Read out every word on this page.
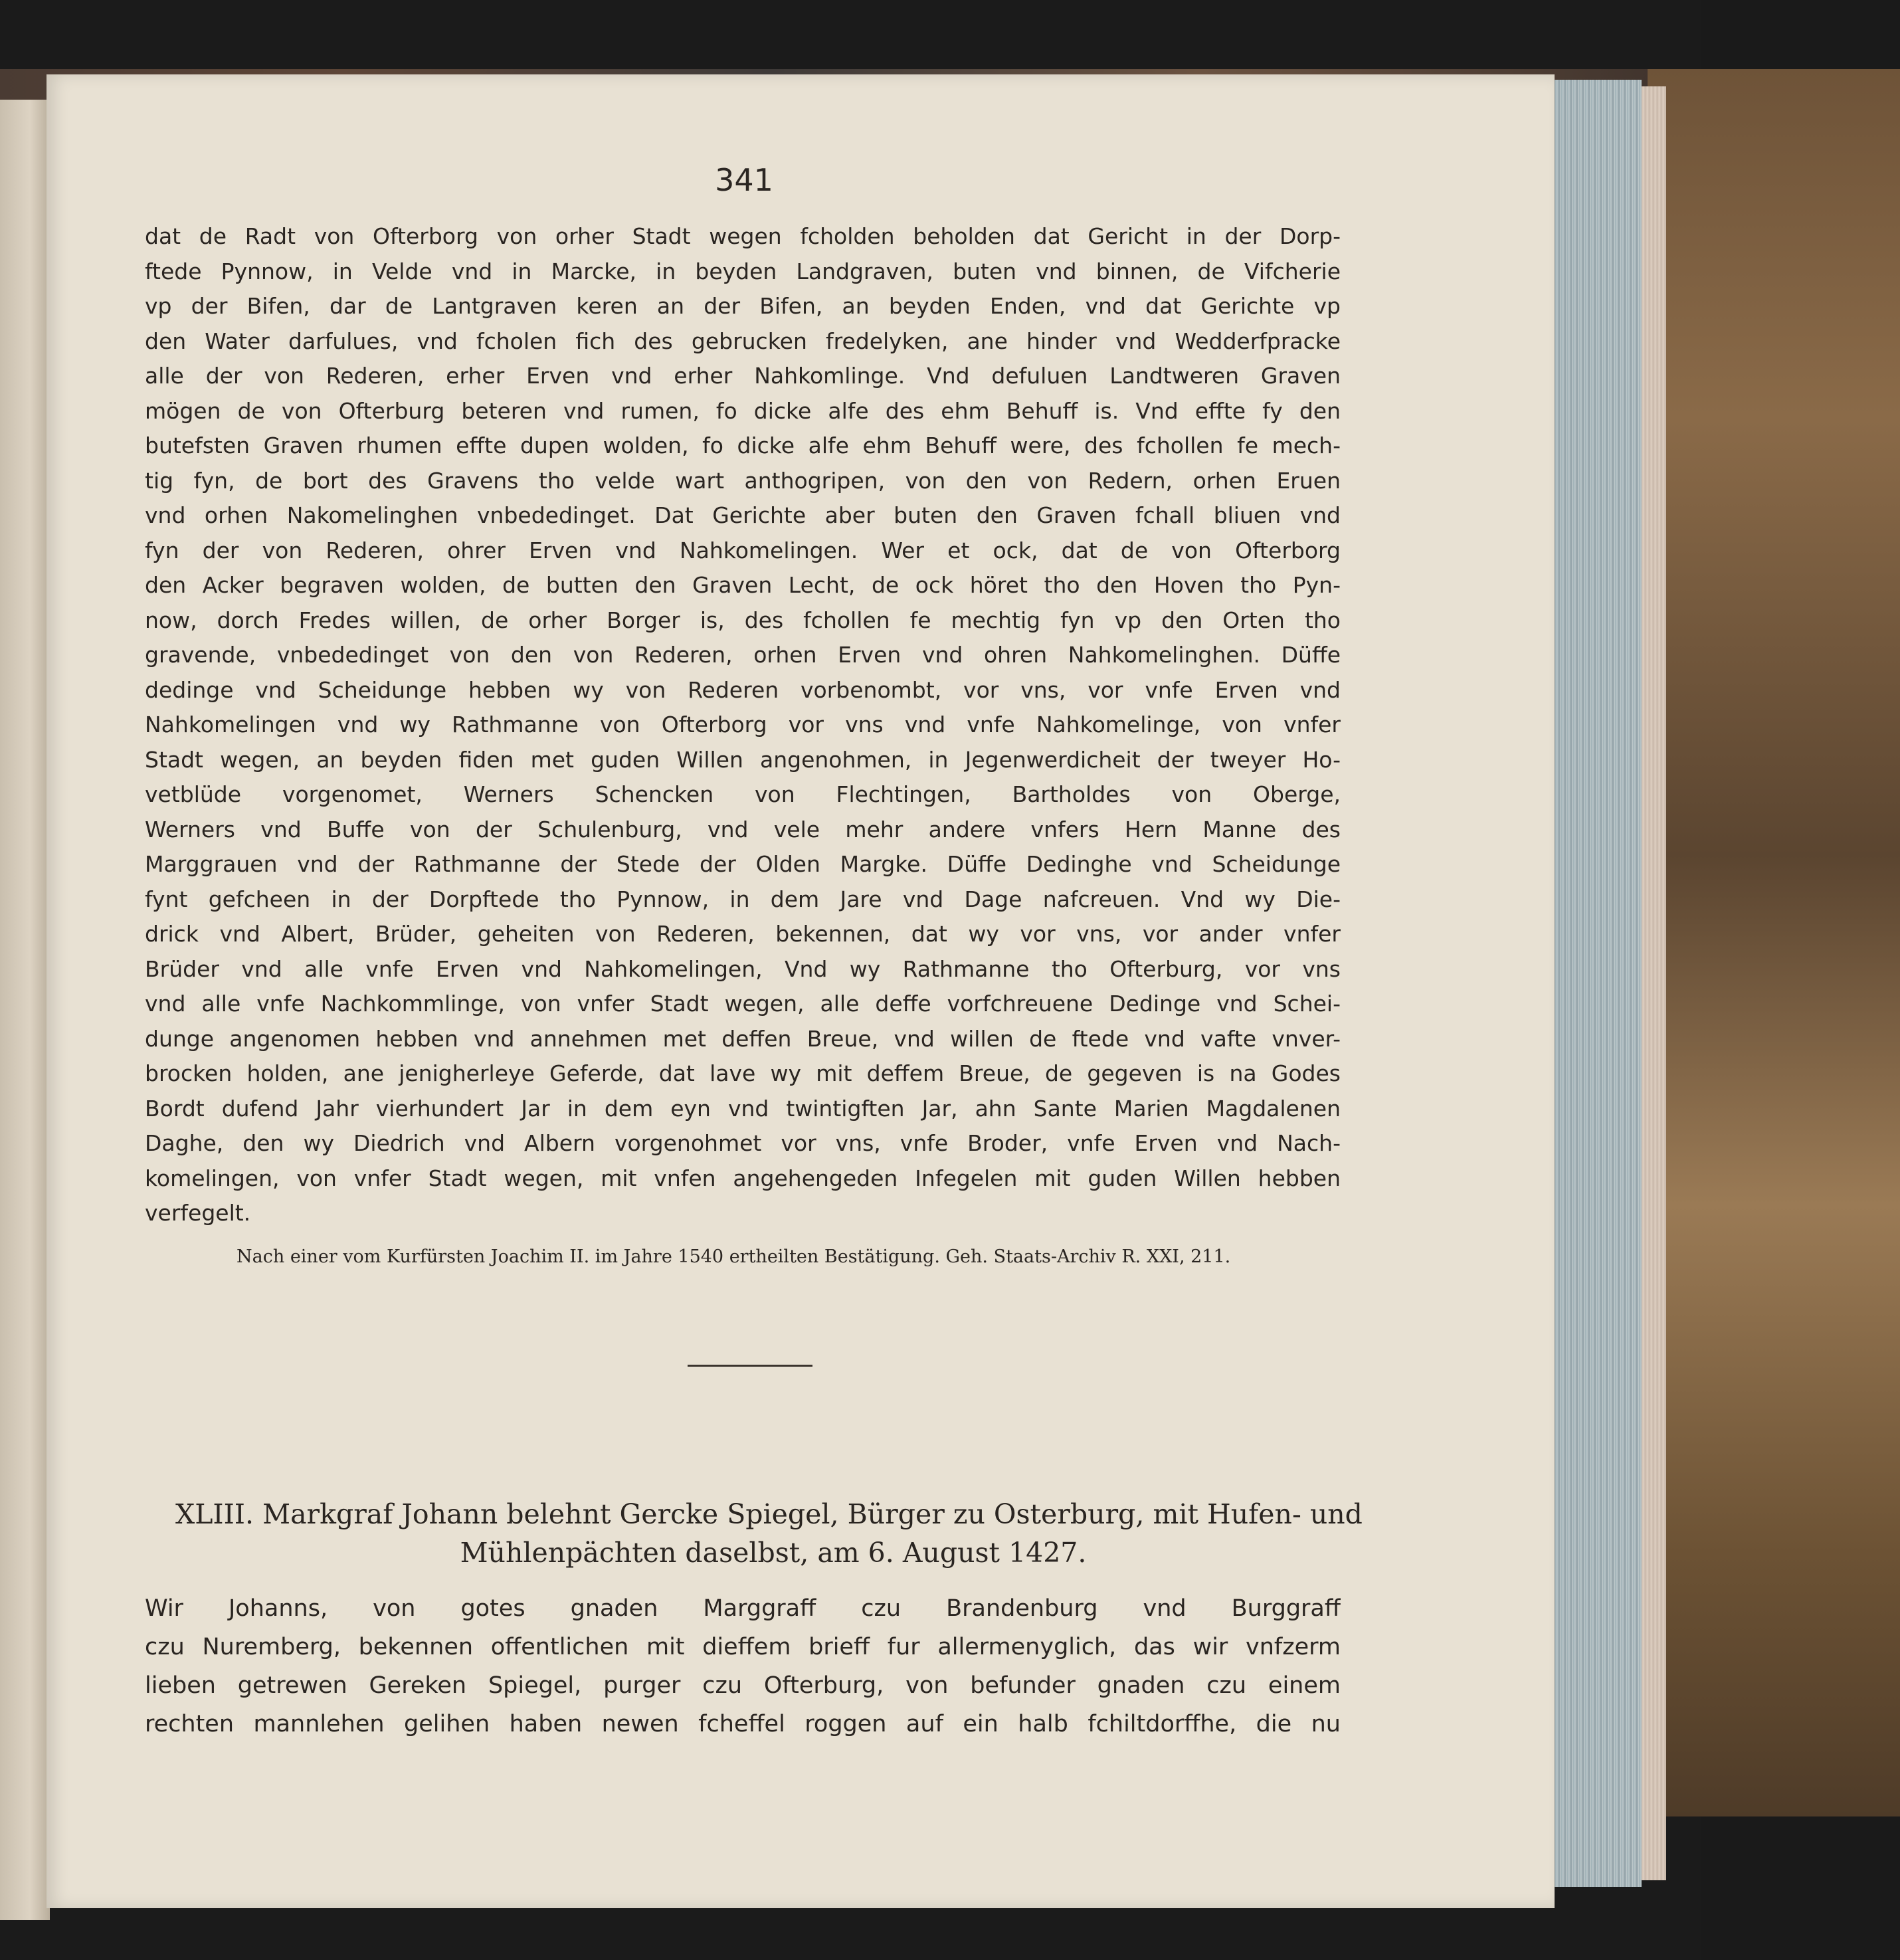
341
dat de Radt von Ofterborg von orher Stadt wegen fcholden beholden dat Gericht in der Dorp-
ftede Pynnow, in Velde vnd in Marcke, in beyden Landgraven, buten vnd binnen, de Vifcherie
vp der Bifen, dar de Lantgraven keren an der Bifen, an beyden Enden, vnd dat Gerichte vp
den Water darfulues, vnd fcholen fich des gebrucken fredelyken, ane hinder vnd Wedderfpracke
alle der von Rederen, erher Erven vnd erher Nahkomlinge. Vnd defuluen Landtweren Graven
mögen de von Ofterburg beteren vnd rumen, fo dicke alfe des ehm Behuff is. Vnd effte fy den
butefsten Graven rhumen effte dupen wolden, fo dicke alfe ehm Behuff were, des fchollen fe mech-
tig fyn, de bort des Gravens tho velde wart anthogripen, von den von Redern, orhen Eruen
vnd orhen Nakomelinghen vnbededinget. Dat Gerichte aber buten den Graven fchall bliuen vnd
fyn der von Rederen, ohrer Erven vnd Nahkomelingen. Wer et ock, dat de von Ofterborg
den Acker begraven wolden, de butten den Graven Lecht, de ock höret tho den Hoven tho Pyn-
now, dorch Fredes willen, de orher Borger is, des fchollen fe mechtig fyn vp den Orten tho
gravende, vnbededinget von den von Rederen, orhen Erven vnd ohren Nahkomelinghen. Düffe
dedinge vnd Scheidunge hebben wy von Rederen vorbenombt, vor vns, vor vnfe Erven vnd
Nahkomelingen vnd wy Rathmanne von Ofterborg vor vns vnd vnfe Nahkomelinge, von vnfer
Stadt wegen, an beyden fiden met guden Willen angenohmen, in Jegenwerdicheit der tweyer Ho-
vetblüde vorgenomet, Werners Schencken von Flechtingen, Bartholdes von Oberge,
Werners vnd Buffe von der Schulenburg, vnd vele mehr andere vnfers Hern Manne des
Marggrauen vnd der Rathmanne der Stede der Olden Margke. Düffe Dedinghe vnd Scheidunge
fynt gefcheen in der Dorpftede tho Pynnow, in dem Jare vnd Dage nafcreuen. Vnd wy Die-
drick vnd Albert, Brüder, geheiten von Rederen, bekennen, dat wy vor vns, vor ander vnfer
Brüder vnd alle vnfe Erven vnd Nahkomelingen, Vnd wy Rathmanne tho Ofterburg, vor vns
vnd alle vnfe Nachkommlinge, von vnfer Stadt wegen, alle deffe vorfchreuene Dedinge vnd Schei-
dunge angenomen hebben vnd annehmen met deffen Breue, vnd willen de ftede vnd vafte vnver-
brocken holden, ane jenigherleye Geferde, dat lave wy mit deffem Breue, de gegeven is na Godes
Bordt dufend Jahr vierhundert Jar in dem eyn vnd twintigften Jar, ahn Sante Marien Magdalenen
Daghe, den wy Diedrich vnd Albern vorgenohmet vor vns, vnfe Broder, vnfe Erven vnd Nach-
komelingen, von vnfer Stadt wegen, mit vnfen angehengeden Infegelen mit guden Willen hebben
verfegelt.
Nach einer vom Kurfürsten Joachim II. im Jahre 1540 ertheilten Bestätigung. Geh. Staats-Archiv R. XXI, 211.
XLIII. Markgraf Johann belehnt Gercke Spiegel, Bürger zu Osterburg, mit Hufen- und
Mühlenpächten daselbst, am 6. August 1427.
Wir Johanns, von gotes gnaden Marggraff czu Brandenburg vnd Burggraff
czu Nuremberg, bekennen offentlichen mit dieffem brieff fur allermenyglich, das wir vnfzerm
lieben getrewen Gereken Spiegel, purger czu Ofterburg, von befunder gnaden czu einem
rechten mannlehen gelihen haben newen fcheffel roggen auf ein halb fchiltdorffhe, die nu
